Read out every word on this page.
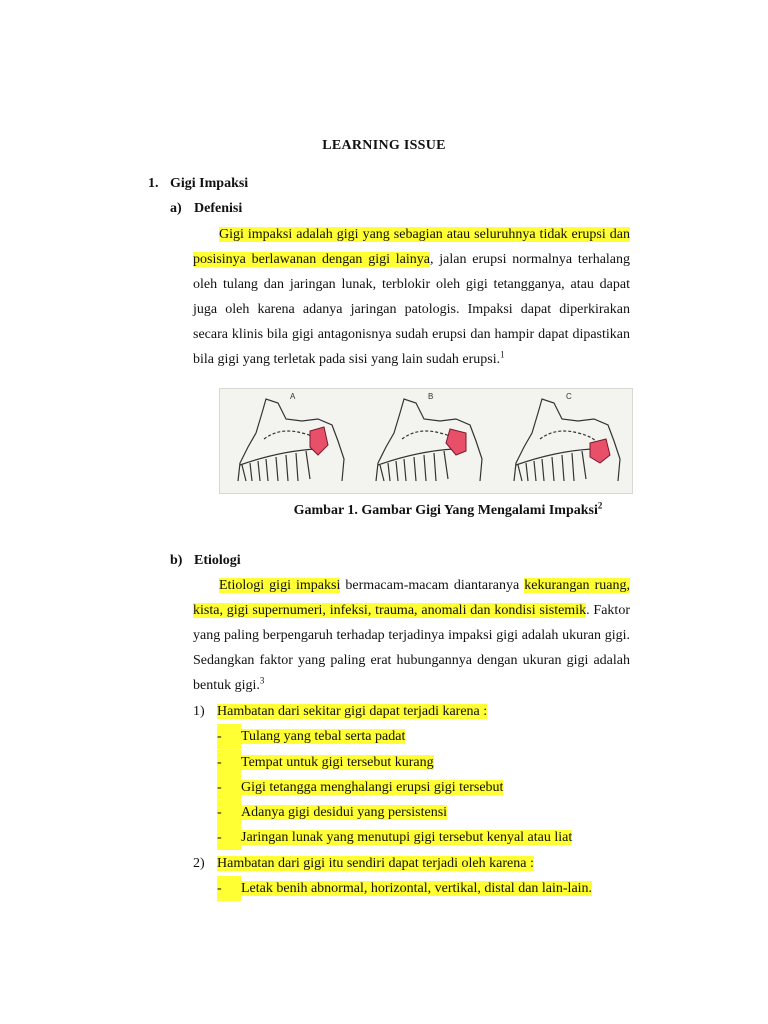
LEARNING ISSUE
1. Gigi Impaksi
a) Defenisi

Gigi impaksi adalah gigi yang sebagian atau seluruhnya tidak erupsi dan posisinya berlawanan dengan gigi lainya, jalan erupsi normalnya terhalang oleh tulang dan jaringan lunak, terblokir oleh gigi tetangganya, atau dapat juga oleh karena adanya jaringan patologis. Impaksi dapat diperkirakan secara klinis bila gigi antagonisnya sudah erupsi dan hampir dapat dipastikan bila gigi yang terletak pada sisi yang lain sudah erupsi.$^1$

A	B	C
Gambar 1. Gambar Gigi Yang Mengalami Impaksi$^2$
b) Etiologi

Etiologi gigi impaksi bermacam-macam diantaranya kekurangan ruang, kista, gigi supernumeri, infeksi, trauma, anomali dan kondisi sistemik. Faktor yang paling berpengaruh terhadap terjadinya impaksi gigi adalah ukuran gigi. Sedangkan faktor yang paling erat hubungannya dengan ukuran gigi adalah bentuk gigi.$^3$

1) Hambatan dari sekitar gigi dapat terjadi karena :
- Tulang yang tebal serta padat
- Tempat untuk gigi tersebut kurang
- Gigi tetangga menghalangi erupsi gigi tersebut
- Adanya gigi desidui yang persistensi
- Jaringan lunak yang menutupi gigi tersebut kenyal atau liat
2) Hambatan dari gigi itu sendiri dapat terjadi oleh karena :
- Letak benih abnormal, horizontal, vertikal, distal dan lain-lain.
